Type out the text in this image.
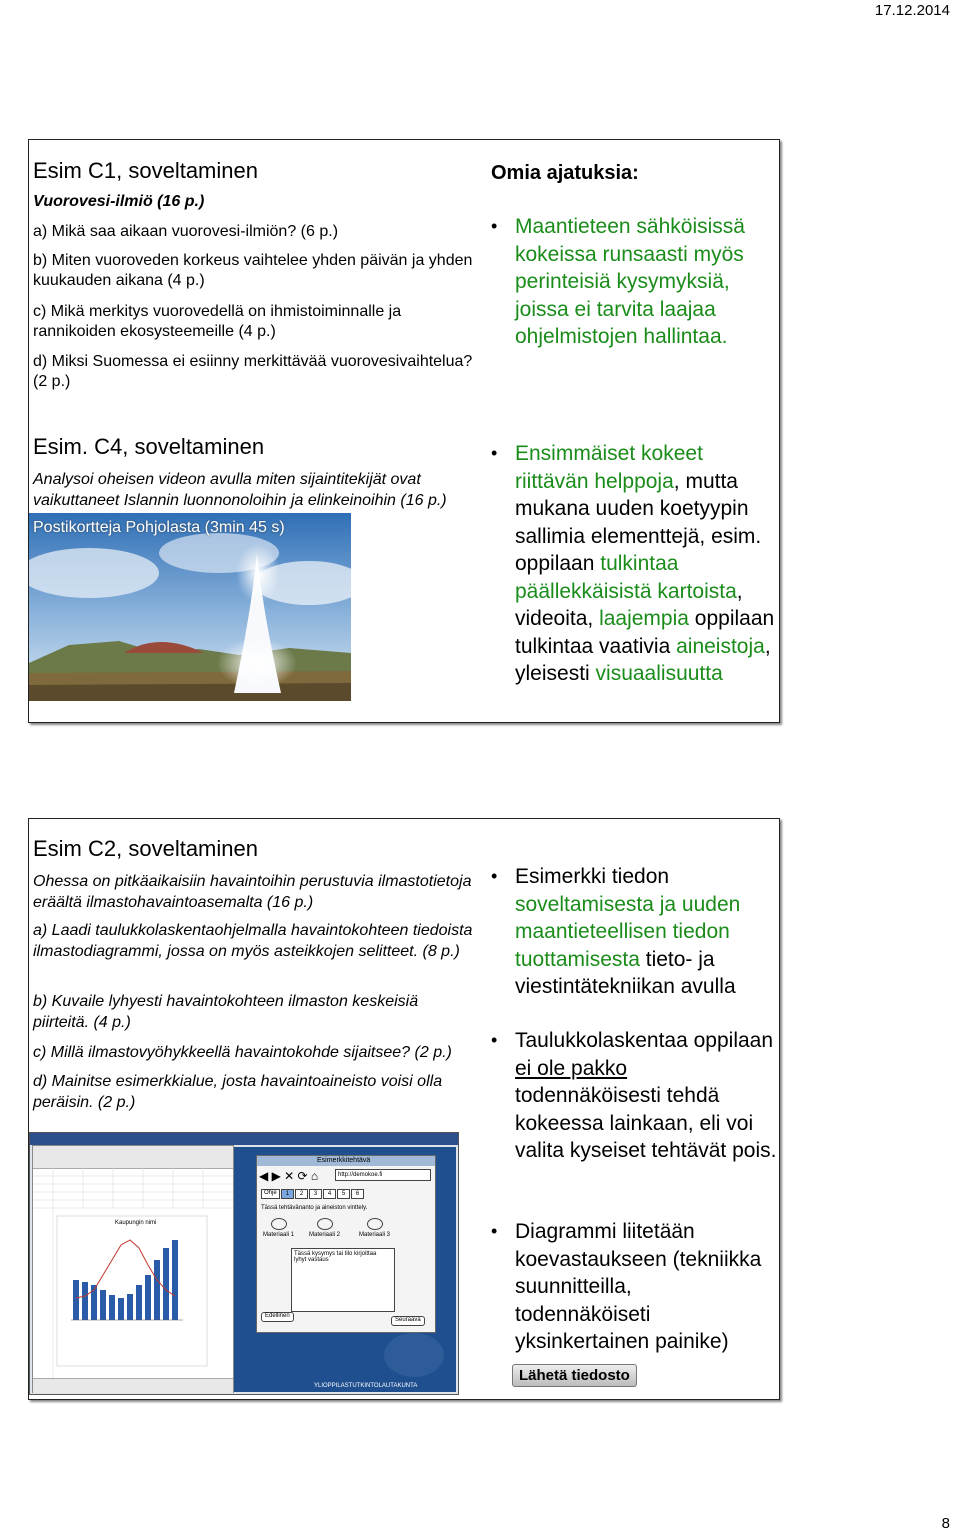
17.12.2014
Esim C1, soveltaminen
Vuorovesi-ilmiö (16 p.)
a) Mikä saa aikaan vuorovesi-ilmiön? (6 p.)
b) Miten vuoroveden korkeus vaihtelee yhden päivän ja yhden kuukauden aikana (4 p.)
c) Mikä merkitys vuorovedellä on ihmistoiminnalle ja rannikoiden ekosysteemeille (4 p.)
d) Miksi Suomessa ei esiinny merkittävää vuorovesivaihtelua? (2 p.)
Omia ajatuksia:
• Maantieteen sähköisissä kokeissa runsaasti myös perinteisiä kysymyksiä, joissa ei tarvita laajaa ohjelmistojen hallintaa.
Esim. C4, soveltaminen
Analysoi oheisen videon avulla miten sijaintitekijät ovat vaikuttaneet Islannin luonnonoloihin ja elinkeinoihin (16 p.)
Postikortteja Pohjolasta (3min 45 s)
• Ensimmäiset kokeet riittävän helppoja, mutta mukana uuden koetyypin sallimia elementtejä, esim. oppilaan tulkintaa päällekkäisistä kartoista, videoita, laajempia oppilaan tulkintaa vaativia aineistoja, yleisesti visuaalisuutta
Esim C2, soveltaminen
Ohessa on pitkäaikaisiin havaintoihin perustuvia ilmastotietoja eräältä ilmastohavaintoasemalta (16 p.)
a) Laadi taulukkolaskentaohjelmalla havaintokohteen tiedoista ilmastodiagrammi, jossa on myös asteikkojen selitteet. (8 p.)
b) Kuvaile lyhyesti havaintokohteen ilmaston keskeisiä piirteitä. (4 p.)
c) Millä ilmastovyöhykkeellä havaintokohde sijaitsee? (2 p.)
d) Mainitse esimerkkialue, josta havaintoaineisto voisi olla peräisin. (2 p.)
Kaupungin nimi
Esimerkkitehtävä
◀ ▶ ✕ ⟳ ⌂	http://demokoe.fi
Ohje	1	2	3	4	5	6
Tässä tehtävänanto ja aineiston vinttely.
Materiaali 1 Materiaali 2	Materiaali 3
Tässä kysymys tai tilo kirjoittaa lyhyt vastaus
Edellinen
Seuraava
YLIOPPILASTUTKINTOLAUTAKUNTA
• Esimerkki tiedon soveltamisesta ja uuden maantieteellisen tiedon tuottamisesta tieto- ja viestintätekniikan avulla
• Taulukkolaskentaa oppilaan ei ole pakko todennäköisesti tehdä kokeessa lainkaan, eli voi valita kyseiset tehtävät pois.
• Diagrammi liitetään koevastaukseen (tekniikka suunnitteilla, todennäköiseti yksinkertainen painike)
Lähetä tiedosto
8
